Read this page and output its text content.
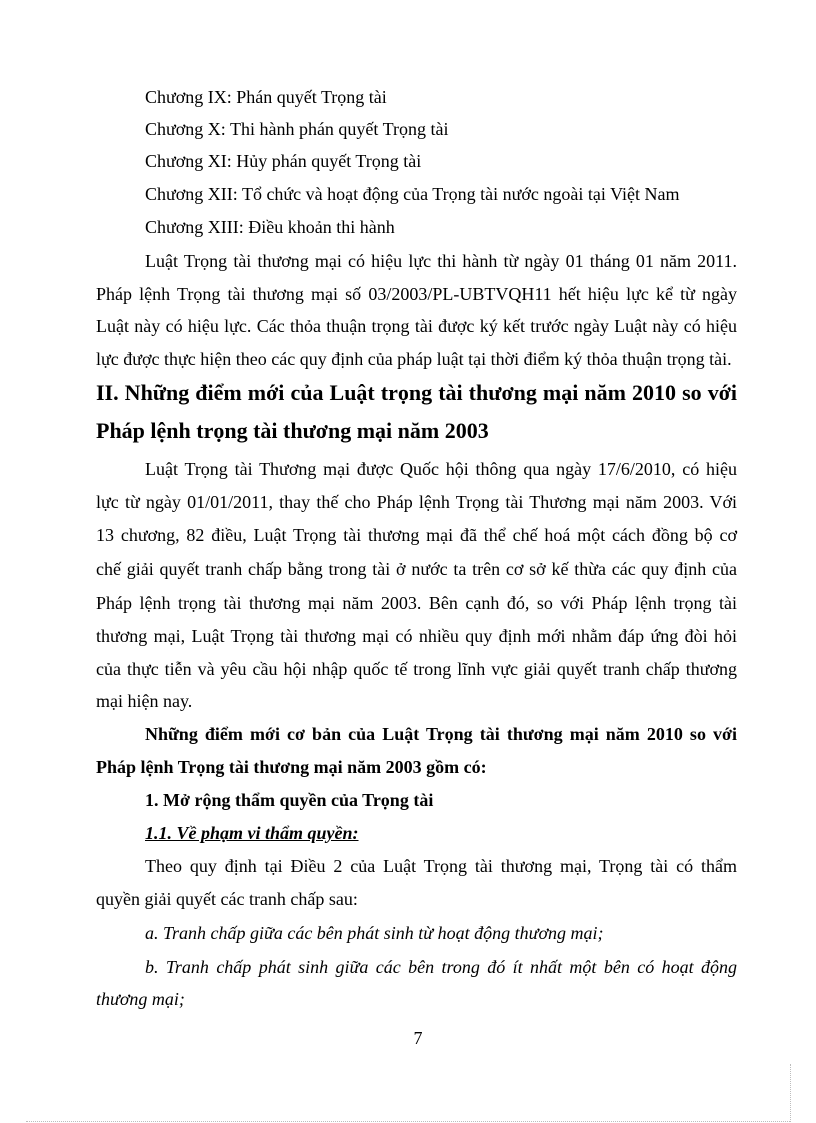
Chương IX: Phán quyết Trọng tài
Chương X: Thi hành phán quyết Trọng tài
Chương XI: Hủy phán quyết Trọng tài
Chương XII: Tổ chức và hoạt động của Trọng tài nước ngoài tại Việt Nam
Chương XIII: Điều khoản thi hành
Luật Trọng tài thương mại có hiệu lực thi hành từ ngày 01 tháng 01 năm 2011.
Pháp lệnh Trọng tài thương mại số 03/2003/PL-UBTVQH11 hết hiệu lực kể từ ngày
Luật này có hiệu lực. Các thỏa thuận trọng tài được ký kết trước ngày Luật này có hiệu
lực được thực hiện theo các quy định của pháp luật tại thời điểm ký thỏa thuận trọng tài.
II. Những điểm mới của Luật trọng tài thương mại năm 2010 so với
Pháp lệnh trọng tài thương mại năm 2003
Luật Trọng tài Thương mại được Quốc hội thông qua ngày 17/6/2010, có hiệu
lực từ ngày 01/01/2011, thay thế cho Pháp lệnh Trọng tài Thương mại năm 2003. Với
13 chương, 82 điều, Luật Trọng tài thương mại đã thể chế hoá một cách đồng bộ cơ
chế giải quyết tranh chấp bằng trong tài ở nước ta trên cơ sở kế thừa các quy định của
Pháp lệnh trọng tài thương mại năm 2003. Bên cạnh đó, so với Pháp lệnh trọng tài
thương mại, Luật Trọng tài thương mại có nhiều quy định mới nhằm đáp ứng đòi hỏi
của thực tiễn và yêu cầu hội nhập quốc tế trong lĩnh vực giải quyết tranh chấp thương
mại hiện nay.
Những điểm mới cơ bản của Luật Trọng tài thương mại năm 2010 so với
Pháp lệnh Trọng tài thương mại năm 2003 gồm có:
1. Mở rộng thẩm quyền của Trọng tài
1.1. Về phạm vi thẩm quyền:
Theo quy định tại Điều 2 của Luật Trọng tài thương mại, Trọng tài có thẩm
quyền giải quyết các tranh chấp sau:
a. Tranh chấp giữa các bên phát sinh từ hoạt động thương mại;
b. Tranh chấp phát sinh giữa các bên trong đó ít nhất một bên có hoạt động
thương mại;
7
